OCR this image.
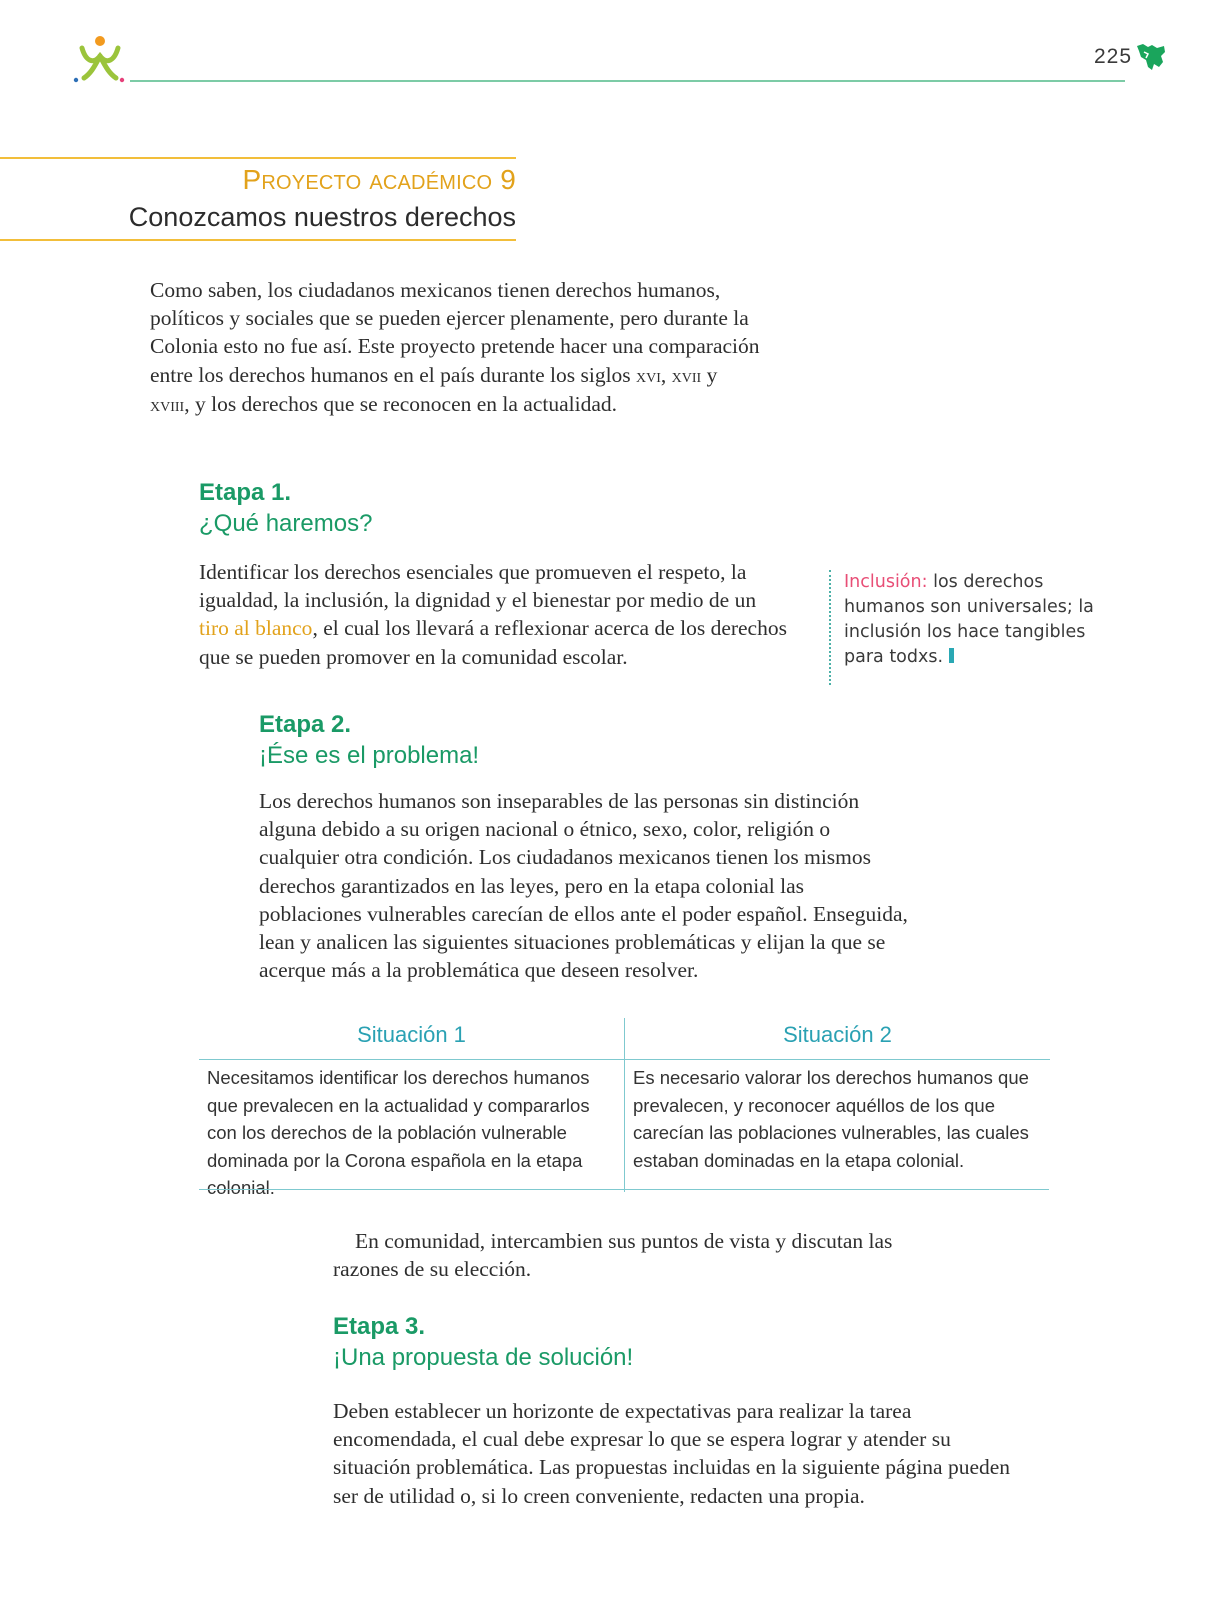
225
Proyecto académico 9
Conozcamos nuestros derechos

Como saben, los ciudadanos mexicanos tienen derechos humanos, políticos y sociales que se pueden ejercer plenamente, pero durante la Colonia esto no fue así. Este proyecto pretende hacer una comparación entre los derechos humanos en el país durante los siglos xvi, xvii y xviii, y los derechos que se reconocen en la actualidad.

Etapa 1.
¿Qué haremos?

Identificar los derechos esenciales que promueven el respeto, la igualdad, la inclusión, la dignidad y el bienestar por medio de un tiro al blanco, el cual los llevará a reflexionar acerca de los derechos que se pueden promover en la comunidad escolar.

Inclusión: los derechos humanos son universales; la inclusión los hace tangibles para todxs.

Etapa 2.
¡Ése es el problema!

Los derechos humanos son inseparables de las personas sin distinción alguna debido a su origen nacional o étnico, sexo, color, religión o cualquier otra condición. Los ciudadanos mexicanos tienen los mismos derechos garantizados en las leyes, pero en la etapa colonial las poblaciones vulnerables carecían de ellos ante el poder español. Enseguida, lean y analicen las siguientes situaciones problemáticas y elijan la que se acerque más a la problemática que deseen resolver.

Situación 1

Necesitamos identificar los derechos humanos que prevalecen en la actualidad y compararlos con los derechos de la población vulnerable dominada por la Corona española en la etapa colonial.

Situación 2

Es necesario valorar los derechos humanos que prevalecen, y reconocer aquéllos de los que carecían las poblaciones vulnerables, las cuales estaban dominadas en la etapa colonial.

En comunidad, intercambien sus puntos de vista y discutan las razones de su elección.

Etapa 3.
¡Una propuesta de solución!

Deben establecer un horizonte de expectativas para realizar la tarea encomendada, el cual debe expresar lo que se espera lograr y atender su situación problemática. Las propuestas incluidas en la siguiente página pueden ser de utilidad o, si lo creen conveniente, redacten una propia.
